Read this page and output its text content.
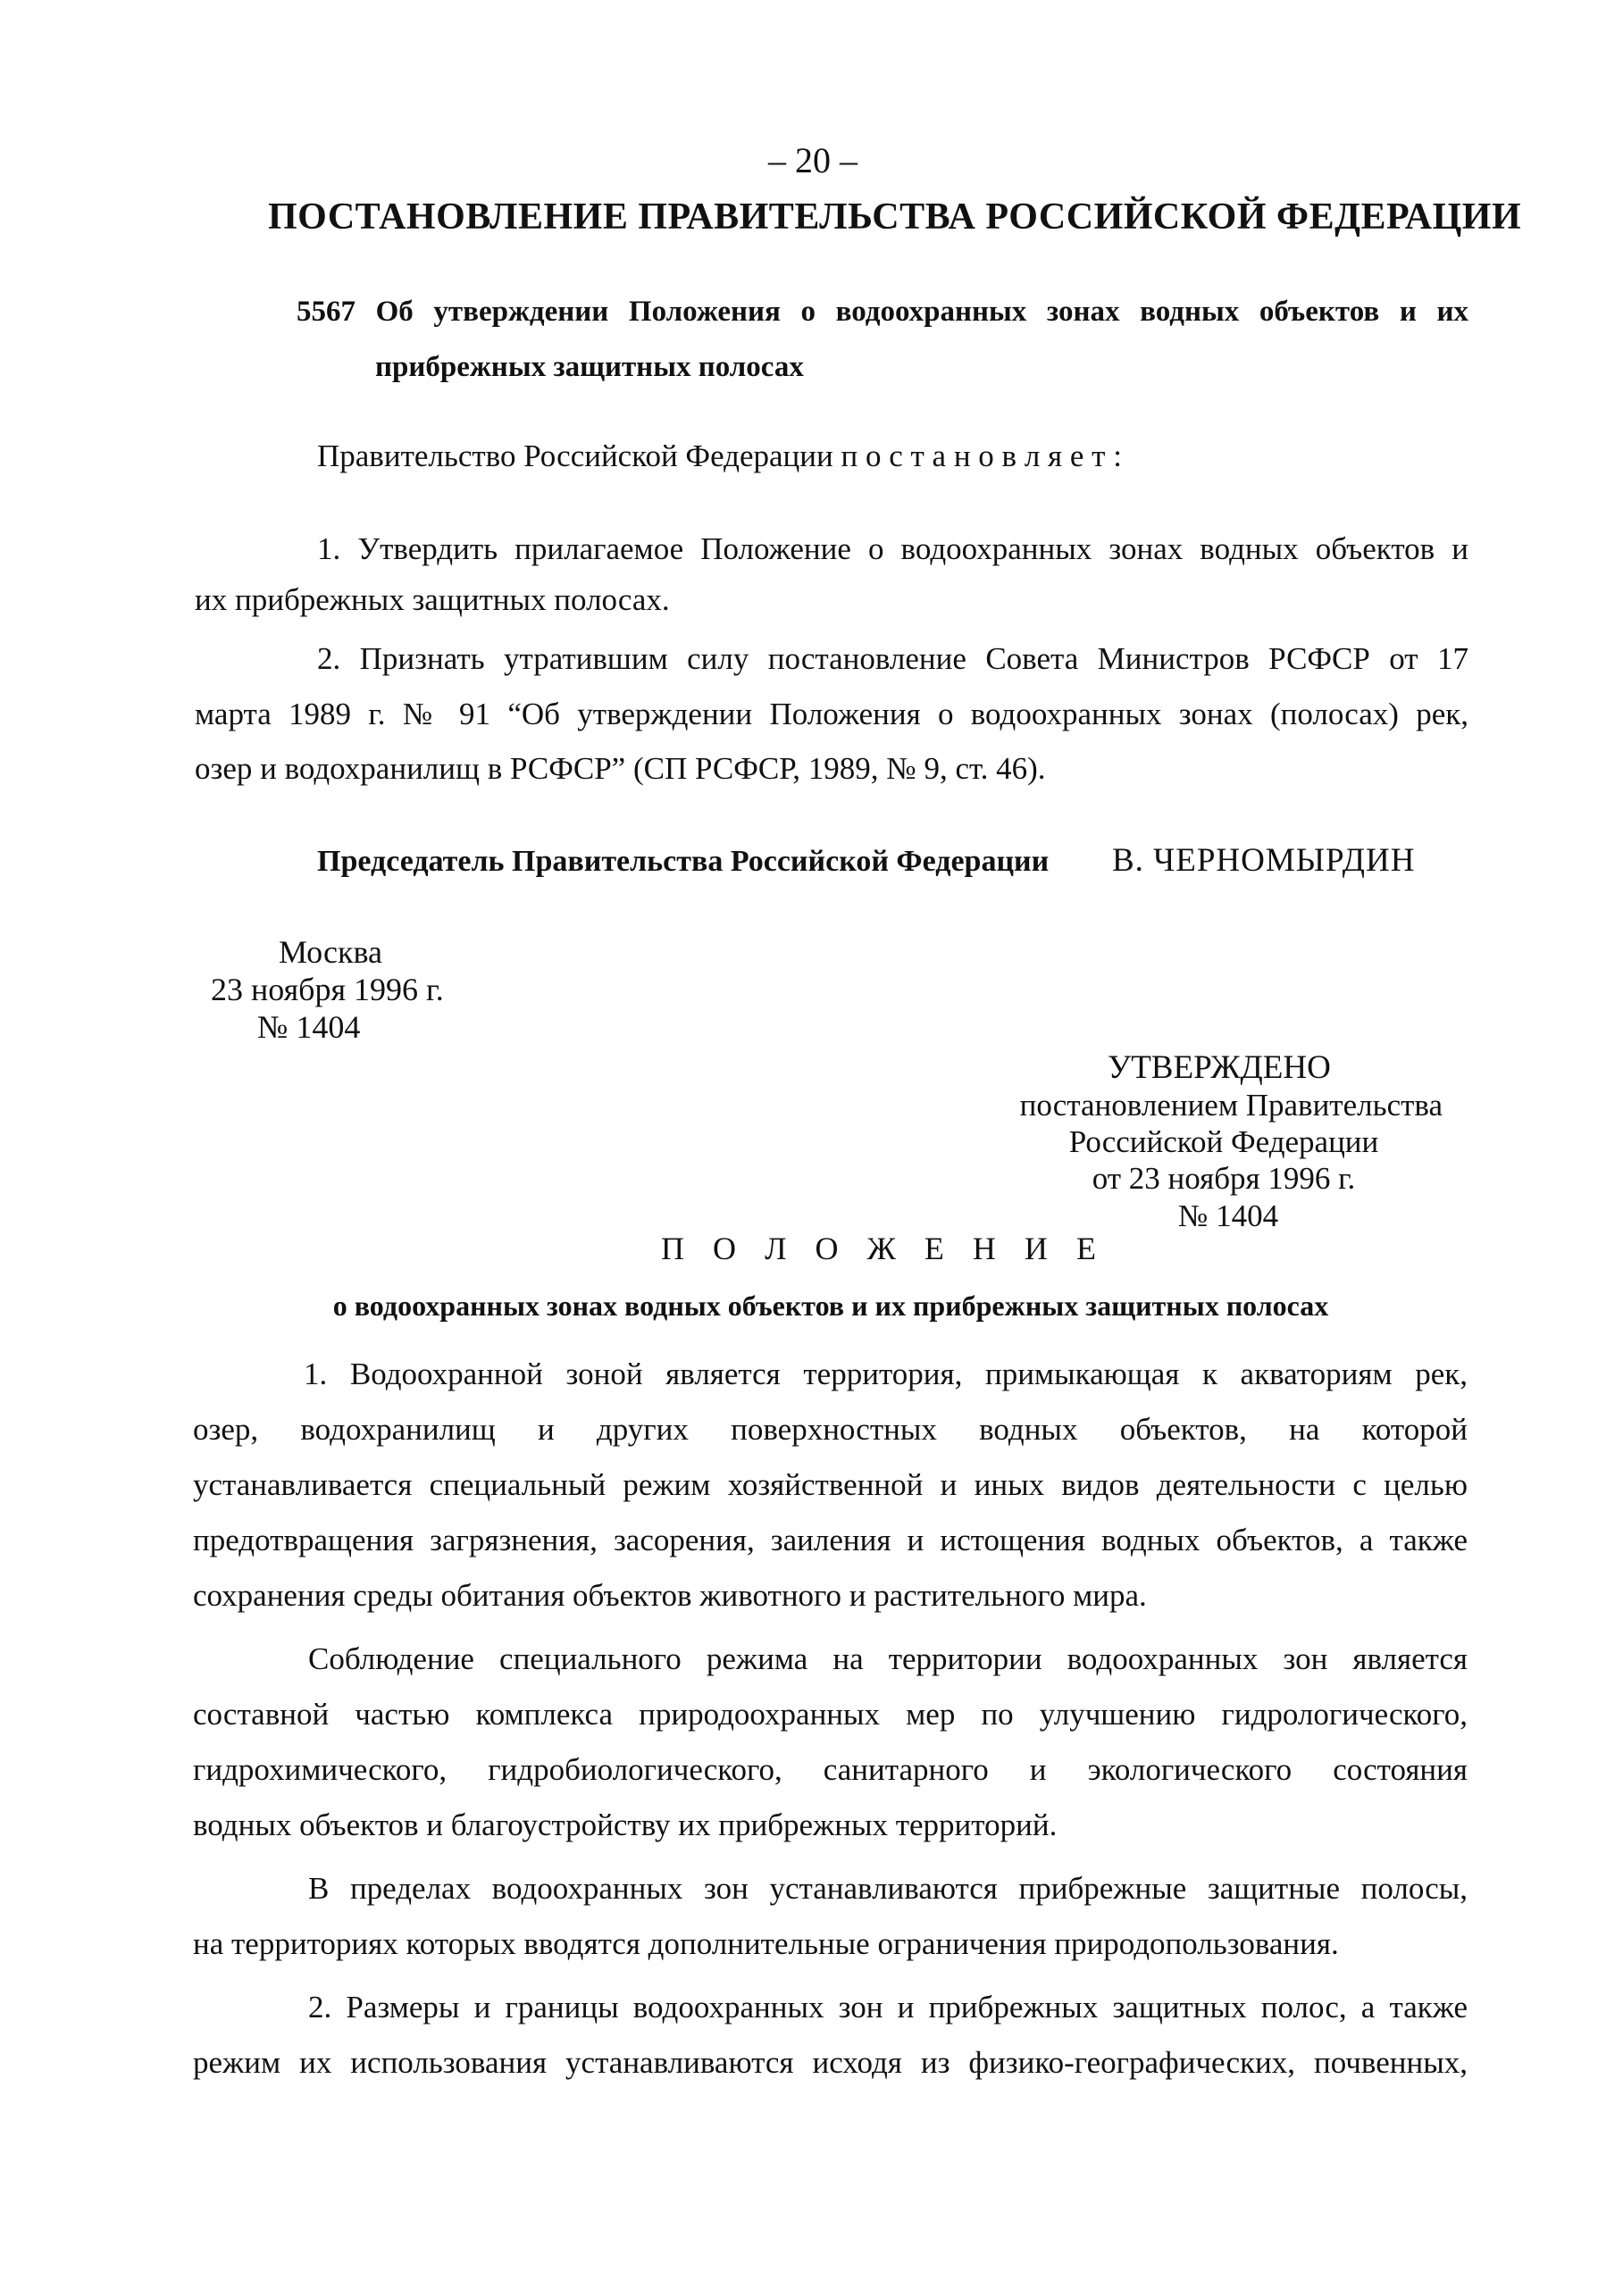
– 20 –
ПОСТАНОВЛЕНИЕ ПРАВИТЕЛЬСТВА РОССИЙСКОЙ ФЕДЕРАЦИИ
5567 Об утверждении Положения о водоохранных зонах водных объектов и их
прибрежных защитных полосах
Правительство Российской Федерации п о с т а н о в л я е т :
1. Утвердить прилагаемое Положение о водоохранных зонах водных объектов и
их прибрежных защитных полосах.
2. Признать утратившим силу постановление Совета Министров РСФСР от 17
марта 1989 г. № 91 “Об утверждении Положения о водоохранных зонах (полосах) рек,
озер и водохранилищ в РСФСР” (СП РСФСР, 1989, № 9, ст. 46).
Председатель Правительства Российской Федерации В. ЧЕРНОМЫРДИН
Москва
23 ноября 1996 г.
№ 1404
УТВЕРЖДЕНО
постановлением Правительства
Российской Федерации
от 23 ноября 1996 г.
№ 1404
П О Л О Ж Е Н И Е
о водоохранных зонах водных объектов и их прибрежных защитных полосах
1. Водоохранной зоной является территория, примыкающая к акваториям рек,
озер, водохранилищ и других поверхностных водных объектов, на которой
устанавливается специальный режим хозяйственной и иных видов деятельности с целью
предотвращения загрязнения, засорения, заиления и истощения водных объектов, а также
сохранения среды обитания объектов животного и растительного мира.
Соблюдение специального режима на территории водоохранных зон является
составной частью комплекса природоохранных мер по улучшению гидрологического,
гидрохимического, гидробиологического, санитарного и экологического состояния
водных объектов и благоустройству их прибрежных территорий.
В пределах водоохранных зон устанавливаются прибрежные защитные полосы,
на территориях которых вводятся дополнительные ограничения природопользования.
2. Размеры и границы водоохранных зон и прибрежных защитных полос, а также
режим их использования устанавливаются исходя из физико-географических, почвенных,
